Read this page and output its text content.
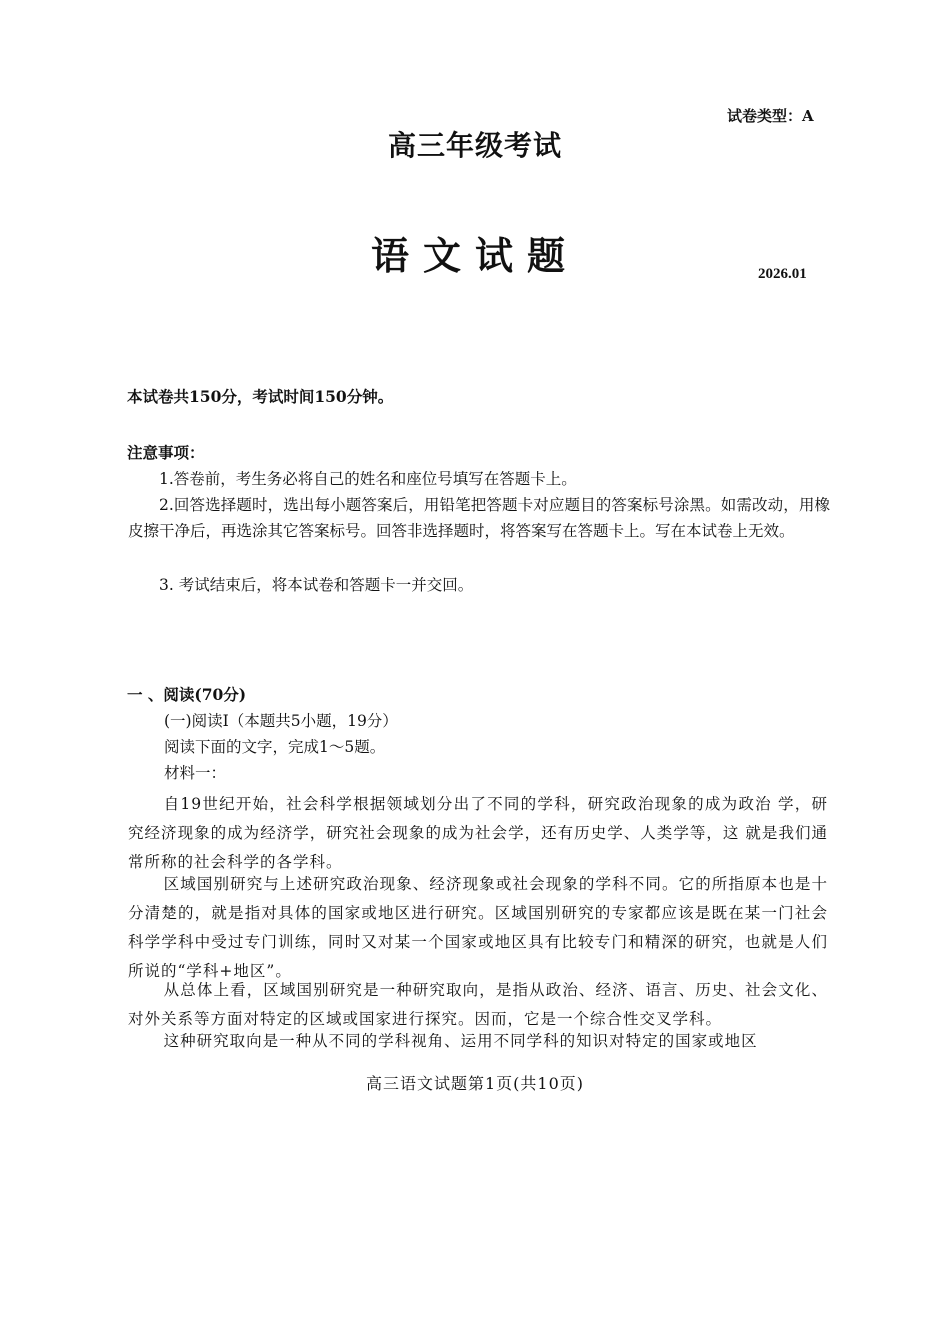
试卷类型：A
高三年级考试
语文试题	2026.01
本试卷共150分，考试时间150分钟。
注意事项：
1.答卷前，考生务必将自己的姓名和座位号填写在答题卡上。
2.回答选择题时，选出每小题答案后，用铅笔把答题卡对应题目的答案标号涂黑。如需改动，用橡皮擦干净后，再选涂其它答案标号。回答非选择题时，将答案写在答题卡上。写在本试卷上无效。
3. 考试结束后，将本试卷和答题卡一并交回。
一 、阅读(70分)
(一)阅读Ⅰ（本题共5小题，19分）
阅读下面的文字，完成1～5题。
材料一：
自19世纪开始，社会科学根据领域划分出了不同的学科，研究政治现象的成为政治 学，研究经济现象的成为经济学，研究社会现象的成为社会学，还有历史学、人类学等，这 就是我们通常所称的社会科学的各学科。
区域国别研究与上述研究政治现象、经济现象或社会现象的学科不同。它的所指原本也是十分清楚的，就是指对具体的国家或地区进行研究。区域国别研究的专家都应该是既在某一门社会科学学科中受过专门训练，同时又对某一个国家或地区具有比较专门和精深的研究，也就是人们所说的“学科+地区”。
从总体上看，区域国别研究是一种研究取向，是指从政治、经济、语言、历史、社会文化、对外关系等方面对特定的区域或国家进行探究。因而，它是一个综合性交叉学科。
这种研究取向是一种从不同的学科视角、运用不同学科的知识对特定的国家或地区
高三语文试题第1页(共10页)
